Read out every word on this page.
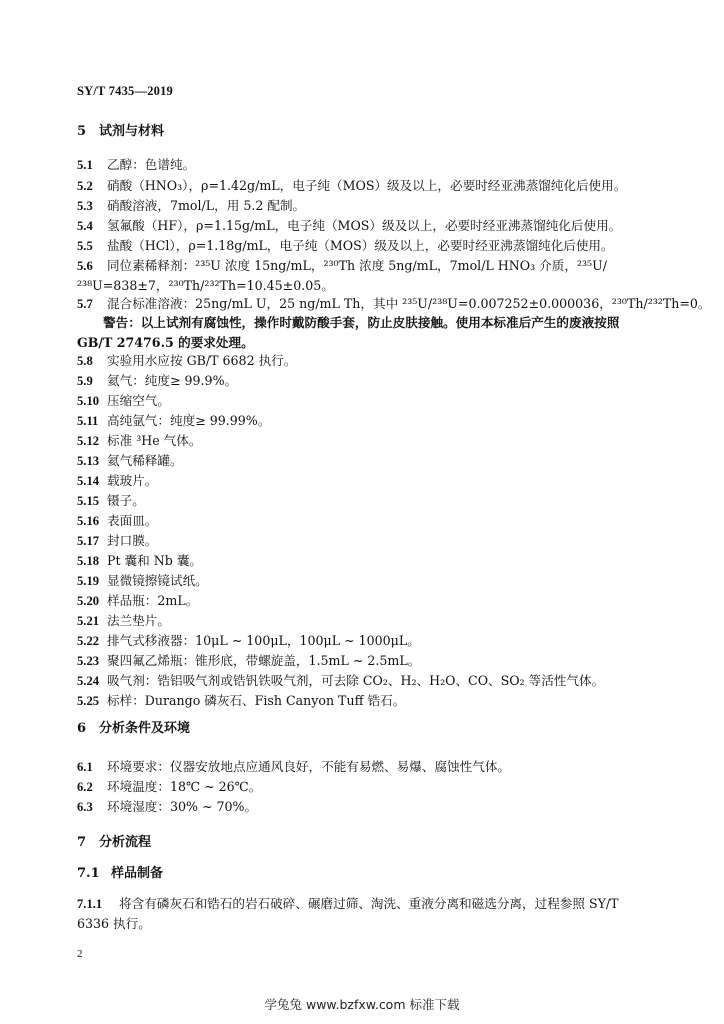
SY/T 7435—2019
5 试剂与材料
5.1 乙醇：色谱纯。
5.2 硝酸（HNO₃），ρ=1.42g/mL，电子纯（MOS）级及以上，必要时经亚沸蒸馏纯化后使用。
5.3 硝酸溶液，7mol/L，用 5.2 配制。
5.4 氢氟酸（HF），ρ=1.15g/mL，电子纯（MOS）级及以上，必要时经亚沸蒸馏纯化后使用。
5.5 盐酸（HCl），ρ=1.18g/mL，电子纯（MOS）级及以上，必要时经亚沸蒸馏纯化后使用。
5.6 同位素稀释剂：²³⁵U 浓度 15ng/mL，²³⁰Th 浓度 5ng/mL，7mol/L HNO₃ 介质，²³⁵U/²³⁸U=838±7，²³⁰Th/²³²Th=10.45±0.05。
5.7 混合标准溶液：25ng/mL U，25 ng/mL Th，其中 ²³⁵U/²³⁸U=0.007252±0.000036，²³⁰Th/²³²Th=0。
警告：以上试剂有腐蚀性，操作时戴防酸手套，防止皮肤接触。使用本标准后产生的废液按照 GB/T 27476.5 的要求处理。
5.8 实验用水应按 GB/T 6682 执行。
5.9 氦气：纯度≥ 99.9%。
5.10 压缩空气。
5.11 高纯氩气：纯度≥ 99.99%。
5.12 标准 ³He 气体。
5.13 氦气稀释罐。
5.14 载玻片。
5.15 镊子。
5.16 表面皿。
5.17 封口膜。
5.18 Pt 囊和 Nb 囊。
5.19 显微镜擦镜试纸。
5.20 样品瓶：2mL。
5.21 法兰垫片。
5.22 排气式移液器：10μL ~ 100μL，100μL ~ 1000μL。
5.23 聚四氟乙烯瓶：锥形底，带螺旋盖，1.5mL ~ 2.5mL。
5.24 吸气剂：锆铝吸气剂或锆钒铁吸气剂，可去除 CO₂、H₂、H₂O、CO、SO₂ 等活性气体。
5.25 标样：Durango 磷灰石、Fish Canyon Tuff 锆石。
6 分析条件及环境
6.1 环境要求：仪器安放地点应通风良好，不能有易燃、易爆、腐蚀性气体。
6.2 环境温度：18℃ ~ 26℃。
6.3 环境湿度：30% ~ 70%。
7 分析流程
7.1 样品制备
7.1.1 将含有磷灰石和锆石的岩石破碎、碾磨过筛、淘洗、重液分离和磁选分离，过程参照 SY/T 6336 执行。
2
学兔兔 www.bzfxw.com 标准下载
